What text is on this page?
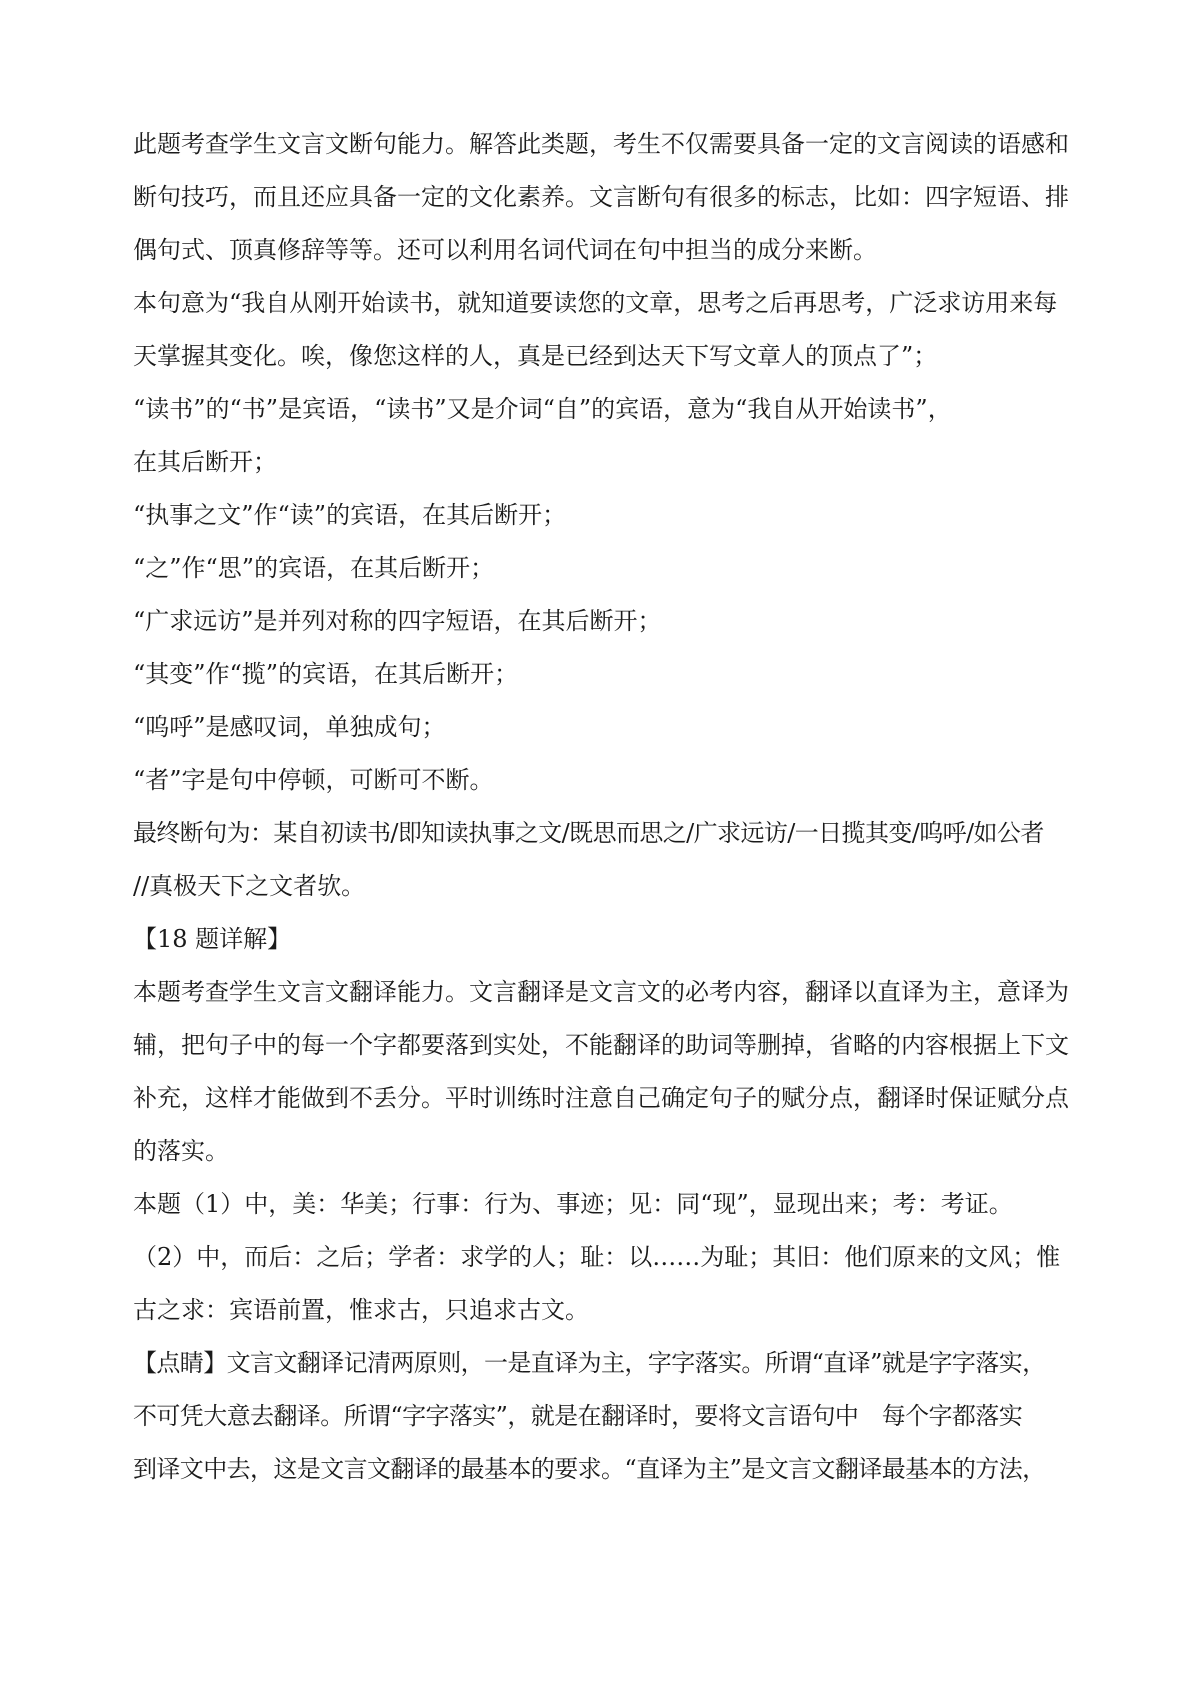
此题考查学生文言文断句能力。解答此类题，考生不仅需要具备一定的文言阅读的语感和

断句技巧，而且还应具备一定的文化素养。文言断句有很多的标志，比如：四字短语、排

偶句式、顶真修辞等等。还可以利用名词代词在句中担当的成分来断。

本句意为“我自从刚开始读书，就知道要读您的文章，思考之后再思考，广泛求访用来每

天掌握其变化。唉，像您这样的人，真是已经到达天下写文章人的顶点了”；

“读书”的“书”是宾语，“读书”又是介词“自”的宾语，意为“我自从开始读书”，

在其后断开；

“执事之文”作“读”的宾语，在其后断开；

“之”作“思”的宾语，在其后断开；

“广求远访”是并列对称的四字短语，在其后断开；

“其变”作“揽”的宾语，在其后断开；

“呜呼”是感叹词，单独成句；

“者”字是句中停顿，可断可不断。

最终断句为：某自初读书/即知读执事之文/既思而思之/广求远访/一日揽其变/呜呼/如公者

//真极天下之文者欤。

【18 题详解】

本题考查学生文言文翻译能力。文言翻译是文言文的必考内容，翻译以直译为主，意译为

辅，把句子中的每一个字都要落到实处，不能翻译的助词等删掉，省略的内容根据上下文

补充，这样才能做到不丢分。平时训练时注意自己确定句子的赋分点，翻译时保证赋分点

的落实。

本题（1）中，美：华美；行事：行为、事迹；见：同“现”，显现出来；考：考证。

（2）中，而后：之后；学者：求学的人；耻：以……为耻；其旧：他们原来的文风；惟

古之求：宾语前置，惟求古，只追求古文。

【点睛】文言文翻译记清两原则，一是直译为主，字字落实。所谓“直译”就是字字落实，

不可凭大意去翻译。所谓“字字落实”，就是在翻译时，要将文言语句中　每个字都落实

到译文中去，这是文言文翻译的最基本的要求。“直译为主”是文言文翻译最基本的方法，
